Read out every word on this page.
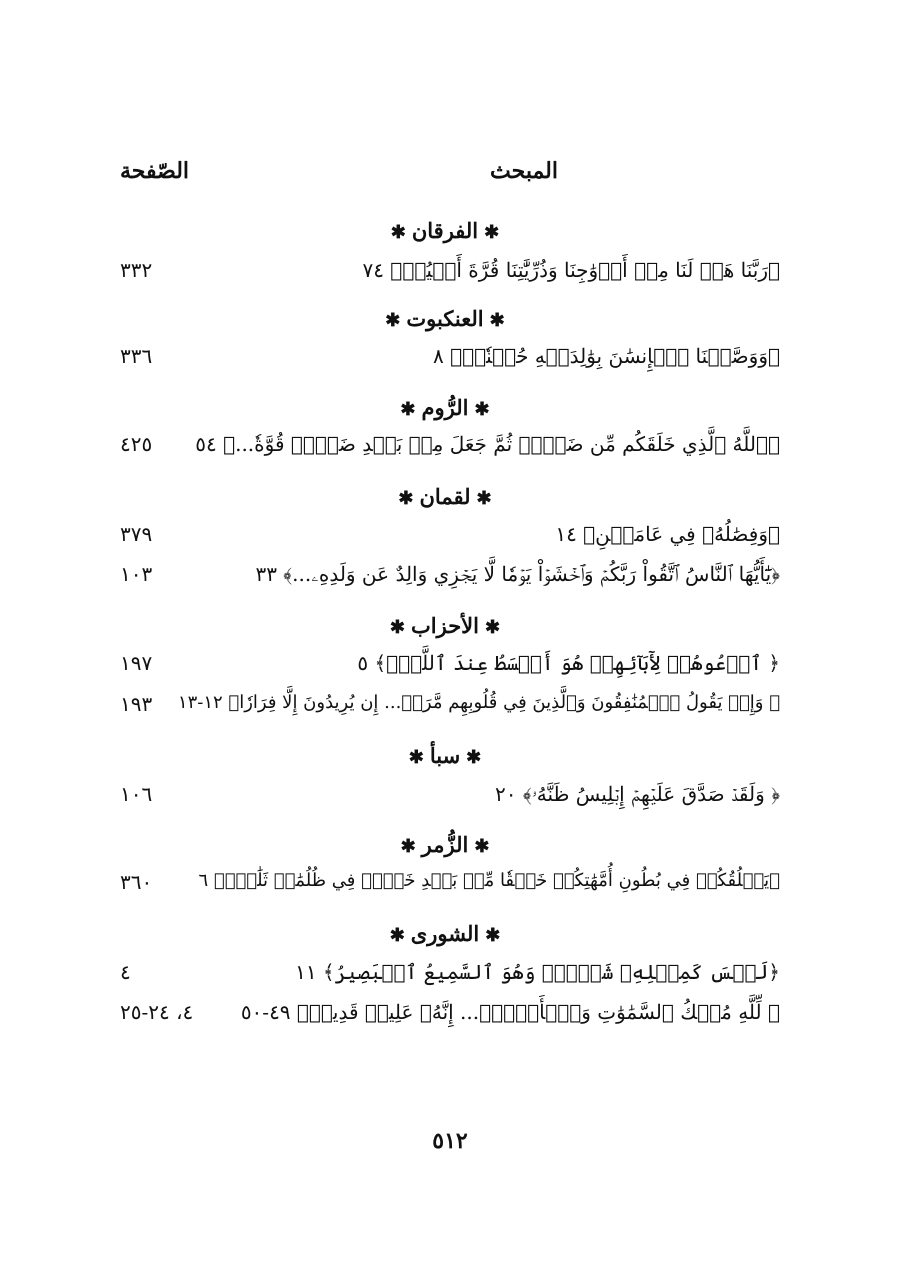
المبحث
الصّفحة
✱الفرقان✱
﴿رَبَّنَا هَبۡ لَنَا مِنۡ أَزۡوَٰجِنَا وَذُرِّيَّٰتِنَا قُرَّةَ أَعۡيُنٖ﴾ ٧٤
٣٣٢
✱العنكبوت✱
﴿وَوَصَّيۡنَا ٱلۡإِنسَٰنَ بِوَٰلِدَيۡهِ حُسۡنٗاۖ﴾ ٨
٣٣٦
✱الرُّوم✱
﴿ٱللَّهُ ٱلَّذِي خَلَقَكُم مِّن ضَعۡفٖ ثُمَّ جَعَلَ مِنۢ بَعۡدِ ضَعۡفٖ قُوَّةٗ...﴾ ٥٤
٤٢٥
✱لقمان✱
﴿وَفِصَٰلُهُۥ فِي عَامَيۡنِ﴾ ١٤
٣٧٩
﴿يَٰٓأَيُّهَا ٱلنَّاسُ ٱتَّقُواْ رَبَّكُمۡ وَٱخۡشَوۡاْ يَوۡمٗا لَّا يَجۡزِي وَالِدٌ عَن وَلَدِهِۦ...﴾ ٣٣
١٠٣
✱الأحزاب✱
﴿ ٱدۡعُوهُمۡ لِأٓبَآئِهِمۡ هُوَ أَقۡسَطُ عِندَ ٱللَّهِۚ﴾ ٥
١٩٧
﴿ وَإِذۡ يَقُولُ ٱلۡمُنَٰفِقُونَ وَٱلَّذِينَ فِي قُلُوبِهِم مَّرَضٞ... إِن يُرِيدُونَ إِلَّا فِرَارٗا﴾ ١٢-١٣
١٩٣
✱سبأ✱
﴿ وَلَقَدۡ صَدَّقَ عَلَيۡهِمۡ إِبۡلِيسُ ظَنَّهُۥ﴾ ٢٠
١٠٦
✱الزُّمر✱
﴿يَخۡلُقُكُمۡ فِي بُطُونِ أُمَّهَٰتِكُمۡ خَلۡقٗا مِّنۢ بَعۡدِ خَلۡقٖ فِي ظُلُمَٰتٖ ثَلَٰثٖۚ﴾ ٦
٣٦٠
✱الشورى✱
﴿لَيۡسَ كَمِثۡلِهِۦ شَيۡءٞۖ وَهُوَ ٱلسَّمِيعُ ٱلۡبَصِيرُ﴾ ١١
٤
﴿ لِّلَّهِ مُلۡكُ ٱلسَّمَٰوَٰتِ وَٱلۡأَرۡضِۚ... إِنَّهُۥ عَلِيمٞ قَدِيرٞ﴾ ٤٩-٥٠
٤، ٢٤-٢٥
٥١٢
